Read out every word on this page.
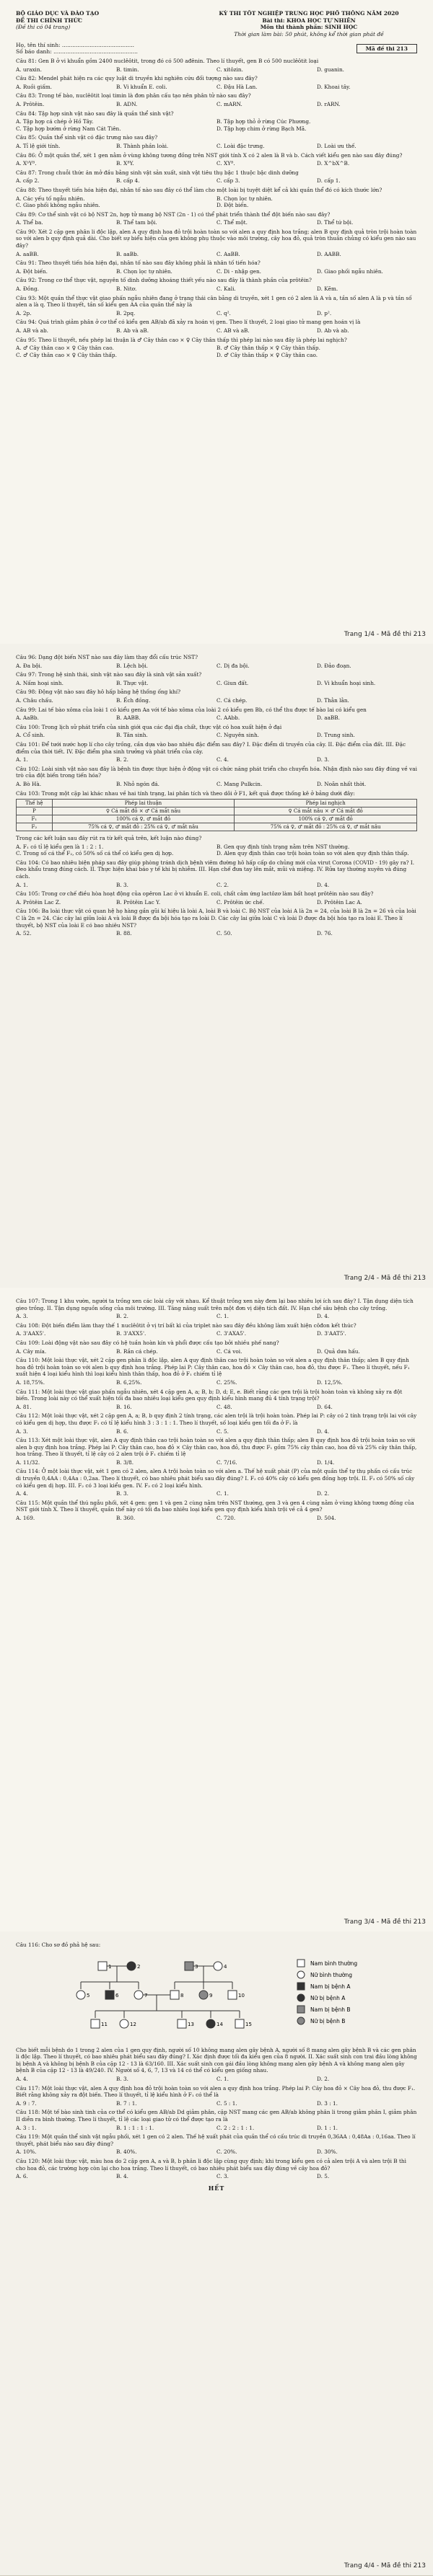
BỘ GIÁO DỤC VÀ ĐÀO TẠO
ĐỀ THI CHÍNH THỨC
(Đề thi có 04 trang)
KỲ THI TỐT NGHIỆP TRUNG HỌC PHỔ THÔNG NĂM 2020
Bài thi: KHOA HỌC TỰ NHIÊN
Môn thi thành phần: SINH HỌC
Thời gian làm bài: 50 phút, không kể thời gian phát đề
Họ, tên thí sinh: ..........................................
Số báo danh: .................................................	Mã đề thi 213
Câu 81: Gen B ở vi khuẩn gồm 2400 nuclêôtit, trong đó có 500 ađênin. Theo lí thuyết, gen B có 500 nuclêôtit loại
A. uraxin.	B. timin.	C. xitôzin.	D. guanin.
Câu 82: Mendel phát hiện ra các quy luật di truyền khi nghiên cứu đối tượng nào sau đây?
A. Ruồi giấm.	B. Vi khuẩn E. coli.	C. Đậu Hà Lan.	D. Khoai tây.
Câu 83: Trong tế bào, nuclêôtit loại timin là đơn phân cấu tạo nên phân tử nào sau đây?
A. Prôtêin.	B. ADN.	C. mARN.	D. rARN.
Câu 84: Tập hợp sinh vật nào sau đây là quần thể sinh vật?
A. Tập hợp cá chép ở Hồ Tây.	B. Tập hợp thỏ ở rừng Cúc Phương.
C. Tập hợp bướm ở rừng Nam Cát Tiên.	D. Tập hợp chim ở rừng Bạch Mã.
Câu 85: Quần thể sinh vật có đặc trưng nào sau đây?
A. Tỉ lệ giới tính.	B. Thành phần loài.	C. Loài đặc trưng.	D. Loài ưu thế.
Câu 86: Ở một quần thể, xét 1 gen nằm ở vùng không tương đồng trên NST giới tính X có 2 alen là B và b. Cách viết kiểu gen nào sau đây đúng?
A. XᵇYᴮ.	B. XᴮY.	C. XYᴮ.	D. X^bX^B.
Câu 87: Trong chuỗi thức ăn mở đầu bằng sinh vật sản xuất, sinh vật tiêu thụ bậc 1 thuộc bậc dinh dưỡng
A. cấp 2.	B. cấp 4.	C. cấp 3.	D. cấp 1.
Câu 88: Theo thuyết tiến hóa hiện đại, nhân tố nào sau đây có thể làm cho một loài bị tuyệt diệt kể cả khi quần thể đó có kích thước lớn?
A. Các yếu tố ngẫu nhiên.	B. Chọn lọc tự nhiên.
C. Giao phối không ngẫu nhiên.	D. Đột biến.
Câu 89: Cơ thể sinh vật có bộ NST 2n, hợp tử mang bộ NST (2n - 1) có thể phát triển thành thể đột biến nào sau đây?
A. Thể ba.	B. Thể tam bội.	C. Thể một.	D. Thể tứ bội.
Câu 90: Xét 2 cặp gen phân li độc lập, alen A quy định hoa đỏ trội hoàn toàn so với alen a quy định hoa trắng; alen B quy định quả tròn trội hoàn toàn so với alen b quy định quả dài. Cho biết sự biểu hiện của gen không phụ thuộc vào môi trường, cây hoa đỏ, quả tròn thuần chủng có kiểu gen nào sau đây?
A. aaBB.	B. aaBb.	C. AaBB.	D. AABB.
Câu 91: Theo thuyết tiến hóa hiện đại, nhân tố nào sau đây không phải là nhân tố tiến hóa?
A. Đột biến.	B. Chọn lọc tự nhiên.	C. Di - nhập gen.	D. Giao phối ngẫu nhiên.
Câu 92: Trong cơ thể thực vật, nguyên tố dinh dưỡng khoáng thiết yếu nào sau đây là thành phần của prôtêin?
A. Đồng.	B. Nitơ.	C. Kali.	D. Kẽm.
Câu 93: Một quần thể thực vật giao phấn ngẫu nhiên đang ở trạng thái cân bằng di truyền, xét 1 gen có 2 alen là A và a, tần số alen A là p và tần số alen a là q. Theo lí thuyết, tần số kiểu gen AA của quần thể này là
A. 2p.	B. 2pq.	C. q².	D. p².
Câu 94: Quá trình giảm phân ở cơ thể có kiểu gen AB/ab đã xảy ra hoán vị gen. Theo lí thuyết, 2 loại giao tử mang gen hoán vị là
A. AB và ab.	B. Ab và aB.	C. AB và aB.	D. Ab và ab.
Câu 95: Theo lí thuyết, nếu phép lai thuận là ♂ Cây thân cao × ♀ Cây thân thấp thì phép lai nào sau đây là phép lai nghịch?
A. ♂ Cây thân cao × ♀ Cây thân cao.	B. ♂ Cây thân thấp × ♀ Cây thân thấp.
C. ♂ Cây thân cao × ♀ Cây thân thấp.	D. ♂ Cây thân thấp × ♀ Cây thân cao.
Trang 1/4 - Mã đề thi 213
Câu 96: Dạng đột biến NST nào sau đây làm thay đổi cấu trúc NST?
A. Đa bội.	B. Lệch bội.	C. Dị đa bội.	D. Đảo đoạn.
Câu 97: Trong hệ sinh thái, sinh vật nào sau đây là sinh vật sản xuất?
A. Nấm hoại sinh.	B. Thực vật.	C. Giun đất.	D. Vi khuẩn hoại sinh.
Câu 98: Động vật nào sau đây hô hấp bằng hệ thống ống khí?
A. Châu chấu.	B. Ếch đồng.	C. Cá chép.	D. Thằn lằn.
Câu 99: Lai tế bào xôma của loài 1 có kiểu gen Aa với tế bào xôma của loài 2 có kiểu gen Bb, có thể thu được tế bào lai có kiểu gen
A. AaBb.	B. AABB.	C. AAbb.	D. aaBB.
Câu 100: Trong lịch sử phát triển của sinh giới qua các đại địa chất, thực vật có hoa xuất hiện ở đại
A. Cổ sinh.	B. Tân sinh.	C. Nguyên sinh.	D. Trung sinh.
Câu 101: Để tưới nước hợp lí cho cây trồng, cần dựa vào bao nhiêu đặc điểm sau đây? I. Đặc điểm di truyền của cây. II. Đặc điểm của đất. III. Đặc điểm của thời tiết. IV. Đặc điểm pha sinh trưởng và phát triển của cây.
A. 1.	B. 2.	C. 4.	D. 3.
Câu 102: Loài sinh vật nào sau đây là bệnh tin được thực hiện ở động vật có chức năng phát triển cho chuyển hóa. Nhận định nào sau đây đúng về vai trò của đột biến trong tiến hóa?
A. Bò Hà.	B. Nhỏ ngón đá.	C. Mang Pulkcin.	D. Noãn nhất thời.
Câu 103: Trong một cặp lai khác nhau về hai tính trạng, lai phân tích và theo dõi ở F1, kết quả được thống kê ở bảng dưới đây:
Thế hệ	Phép lai thuận	Phép lai nghịch
P	♀ Cá mắt đỏ × ♂ Cá mắt nâu	♀ Cá mắt nâu × ♂ Cá mắt đỏ
F₁	100% cá ♀, ♂ mắt đỏ	100% cá ♀, ♂ mắt đỏ
F₂	75% cá ♀, ♂ mắt đỏ : 25% cá ♀, ♂ mắt nâu	75% cá ♀, ♂ mắt đỏ : 25% cá ♀, ♂ mắt nâu
Trong các kết luận sau đây rút ra từ kết quả trên, kết luận nào đúng?
A. F₁ có tỉ lệ kiểu gen là 1 : 2 : 1.	B. Gen quy định tính trạng nằm trên NST thường.
C. Trong số cá thể F₂, có 50% số cá thể có kiểu gen dị hợp.	D. Alen quy định thân cao trội hoàn toàn so với alen quy định thân thấp.
Câu 104: Có bao nhiêu biện pháp sau đây giúp phòng tránh dịch bệnh viêm đường hô hấp cấp do chủng mới của virut Corona (COVID - 19) gây ra? I. Đeo khẩu trang đúng cách. II. Thực hiện khai báo y tế khi bị nhiễm. III. Hạn chế đưa tay lên mắt, mũi và miệng. IV. Rửa tay thường xuyên và đúng cách.
A. 1.	B. 3.	C. 2.	D. 4.
Câu 105: Trong cơ chế điều hòa hoạt động của opêron Lac ở vi khuẩn E. coli, chất cảm ứng lactôzơ làm bất hoạt prôtêin nào sau đây?
A. Prôtêin Lac Z.	B. Prôtêin Lac Y.	C. Prôtêin ức chế.	D. Prôtêin Lac A.
Câu 106: Ba loài thực vật có quan hệ họ hàng gần gũi kí hiệu là loài A, loài B và loài C. Bộ NST của loài A là 2n = 24, của loài B là 2n = 26 và của loài C là 2n = 24. Các cây lai giữa loài A và loài B được đa bội hóa tạo ra loài D. Các cây lai giữa loài C và loài D được đa bội hóa tạo ra loài E. Theo lí thuyết, bộ NST của loài E có bao nhiêu NST?
A. 52.	B. 88.	C. 50.	D. 76.
Trang 2/4 - Mã đề thi 213
Câu 107: Trong 1 khu vườn, người ta trồng xen các loài cây với nhau. Kể thuật trồng xen này đem lại bao nhiêu lợi ích sau đây? I. Tận dụng diện tích gieo trồng. II. Tận dụng nguồn sống của môi trường. III. Tăng năng suất trên một đơn vị diện tích đất. IV. Hạn chế sâu bệnh cho cây trồng.
A. 3.	B. 2.	C. 1.	D. 4.
Câu 108: Đột biến điểm làm thay thế 1 nuclêôtit ở vị trí bất kì của triplet nào sau đây đều không làm xuất hiện côđon kết thúc?
A. 3'AAX5'.	B. 3'AXX5'.	C. 3'AXA5'.	D. 3'AAT5'.
Câu 109: Loài động vật nào sau đây có hệ tuần hoàn kín và phổi được cấu tạo bởi nhiều phế nang?
A. Cây mía.	B. Rắn cá chép.	C. Cá voi.	D. Quả dưa hấu.
Câu 110: Một loài thực vật, xét 2 cặp gen phân li độc lập, alen A quy định thân cao trội hoàn toàn so với alen a quy định thân thấp; alen B quy định hoa đỏ trội hoàn toàn so với alen b quy định hoa trắng. Phép lai P: Cây thân cao, hoa đỏ × Cây thân cao, hoa đỏ, thu được F₁. Theo lí thuyết, nếu F₁ xuất hiện 4 loại kiểu hình thì loại kiểu hình thân thấp, hoa đỏ ở F₁ chiếm tỉ lệ
A. 18,75%.	B. 6,25%.	C. 25%.	D. 12,5%.
Câu 111: Một loài thực vật giao phấn ngẫu nhiên, xét 4 cặp gen A, a; B, b; D, d; E, e. Biết rằng các gen trội là trội hoàn toàn và không xảy ra đột biến. Trong loài này có thể xuất hiện tối đa bao nhiêu loại kiểu gen quy định kiểu hình mang đủ 4 tính trạng trội?
A. 81.	B. 16.	C. 48.	D. 64.
Câu 112: Một loài thực vật, xét 2 cặp gen A, a; B, b quy định 2 tính trạng, các alen trội là trội hoàn toàn. Phép lai P: cây có 2 tính trạng trội lai với cây có kiểu gen dị hợp, thu được F₁ có tỉ lệ kiểu hình 3 : 3 : 1 : 1. Theo lí thuyết, số loại kiểu gen tối đa ở F₁ là
A. 3.	B. 6.	C. 5.	D. 4.
Câu 113: Xét một loài thực vật, alen A quy định thân cao trội hoàn toàn so với alen a quy định thân thấp; alen B quy định hoa đỏ trội hoàn toàn so với alen b quy định hoa trắng. Phép lai P: Cây thân cao, hoa đỏ × Cây thân cao, hoa đỏ, thu được F₁ gồm 75% cây thân cao, hoa đỏ và 25% cây thân thấp, hoa trắng. Theo lí thuyết, tỉ lệ cây có 2 alen trội ở F₁ chiếm tỉ lệ
A. 11/32.	B. 3/8.	C. 7/16.	D. 1/4.
Câu 114: Ở một loài thực vật, xét 1 gen có 2 alen, alen A trội hoàn toàn so với alen a. Thế hệ xuất phát (P) của một quần thể tự thụ phấn có cấu trúc di truyền 0,4AA : 0,4Aa : 0,2aa. Theo lí thuyết, có bao nhiêu phát biểu sau đây đúng? I. F₂ có 40% cây có kiểu gen đồng hợp trội. II. F₃ có 50% số cây có kiểu gen dị hợp. III. F₂ có 3 loại kiểu gen. IV. F₃ có 2 loại kiểu hình.
A. 4.	B. 3.	C. 1.	D. 2.
Câu 115: Một quần thể thú ngẫu phối, xét 4 gen: gen 1 và gen 2 cùng nằm trên NST thường, gen 3 và gen 4 cùng nằm ở vùng không tương đồng của NST giới tính X. Theo lí thuyết, quần thể này có tối đa bao nhiêu loại kiểu gen quy định kiểu hình trội về cả 4 gen?
A. 169.	B. 360.	C. 720.	D. 504.
Trang 3/4 - Mã đề thi 213
Câu 116: Cho sơ đồ phả hệ sau:
1	2	3	4
5	6	7	8	9	10
11	12	13	14	15
Nam bình thường
Nữ bình thường
Nam bị bệnh A
Nữ bị bệnh A
Nam bị bệnh B
Nữ bị bệnh B
Cho biết mỗi bệnh do 1 trong 2 alen của 1 gen quy định, người số 10 không mang alen gây bệnh A, người số 8 mang alen gây bệnh B và các gen phân li độc lập. Theo lí thuyết, có bao nhiêu phát biểu sau đây đúng? I. Xác định được tối đa kiểu gen của 8 người. II. Xác suất sinh con trai đầu lòng không bị bệnh A và không bị bệnh B của cặp 12 - 13 là 63/160. III. Xác suất sinh con gái đầu lòng không mang alen gây bệnh A và không mang alen gây bệnh B của cặp 12 - 13 là 49/240. IV. Người số 4, 6, 7, 13 và 14 có thể có kiểu gen giống nhau.
A. 4.	B. 3.	C. 1.	D. 2.
Câu 117: Một loài thực vật, alen A quy định hoa đỏ trội hoàn toàn so với alen a quy định hoa trắng. Phép lai P: Cây hoa đỏ × Cây hoa đỏ, thu được F₁. Biết rằng không xảy ra đột biến. Theo lí thuyết, tỉ lệ kiểu hình ở F₁ có thể là
A. 9 : 7.	B. 7 : 1.	C. 5 : 1.	D. 3 : 1.
Câu 118: Một tế bào sinh tinh của cơ thể có kiểu gen AB/ab Dd giảm phân, cặp NST mang các gen AB/ab không phân li trong giảm phân I, giảm phân II diễn ra bình thường. Theo lí thuyết, tỉ lệ các loại giao tử có thể được tạo ra là
A. 3 : 1.	B. 1 : 1 : 1 : 1.	C. 2 : 2 : 1 : 1.	D. 1 : 1.
Câu 119: Một quần thể sinh vật ngẫu phối, xét 1 gen có 2 alen. Thế hệ xuất phát của quần thể có cấu trúc di truyền 0,36AA : 0,48Aa : 0,16aa. Theo lí thuyết, phát biểu nào sau đây đúng?
A. 10%.	B. 40%.	C. 20%.	D. 30%.
Câu 120: Một loài thực vật, màu hoa do 2 cặp gen A, a và B, b phân li độc lập cùng quy định; khi trong kiểu gen có cả alen trội A và alen trội B thì cho hoa đỏ, các trường hợp còn lại cho hoa trắng. Theo lí thuyết, có bao nhiêu phát biểu sau đây đúng về cây hoa đỏ?
A. 6.	B. 4.	C. 3.	D. 5.
HẾT
Trang 4/4 - Mã đề thi 213
